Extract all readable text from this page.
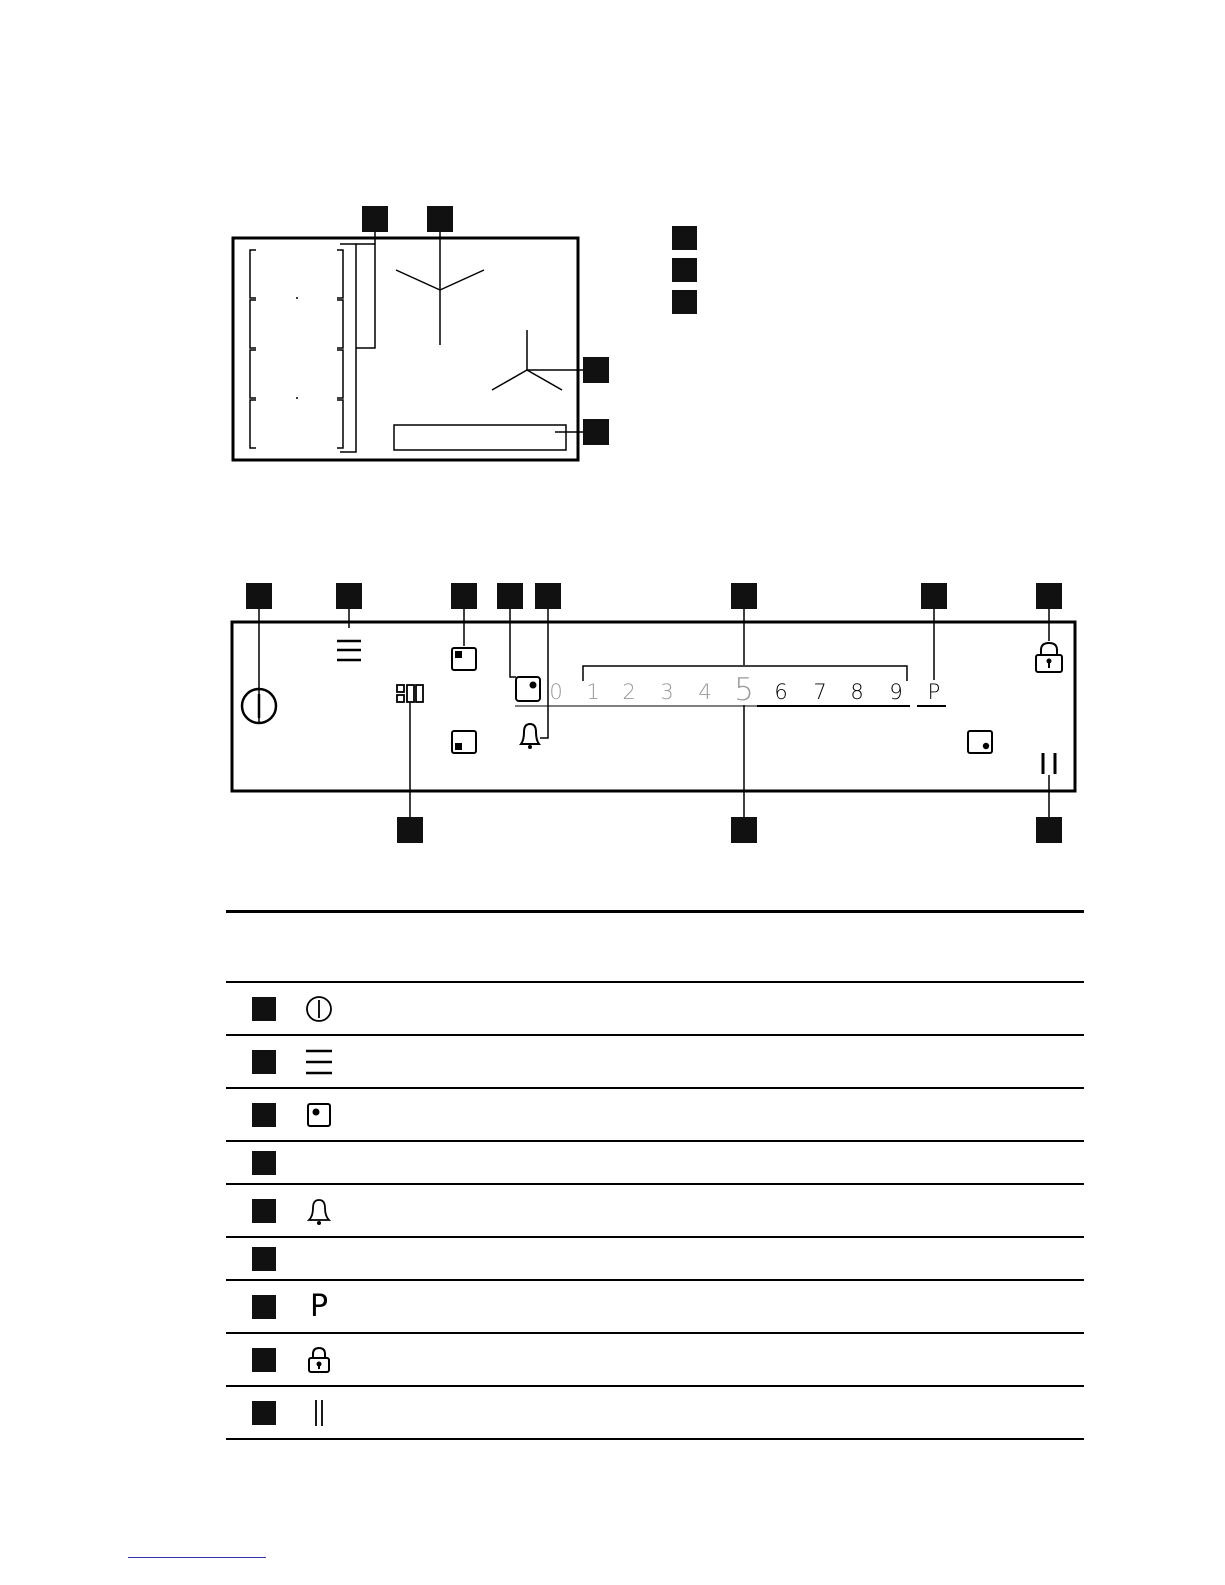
0 1 2 3 4 5 6 7 8 9 P

P
